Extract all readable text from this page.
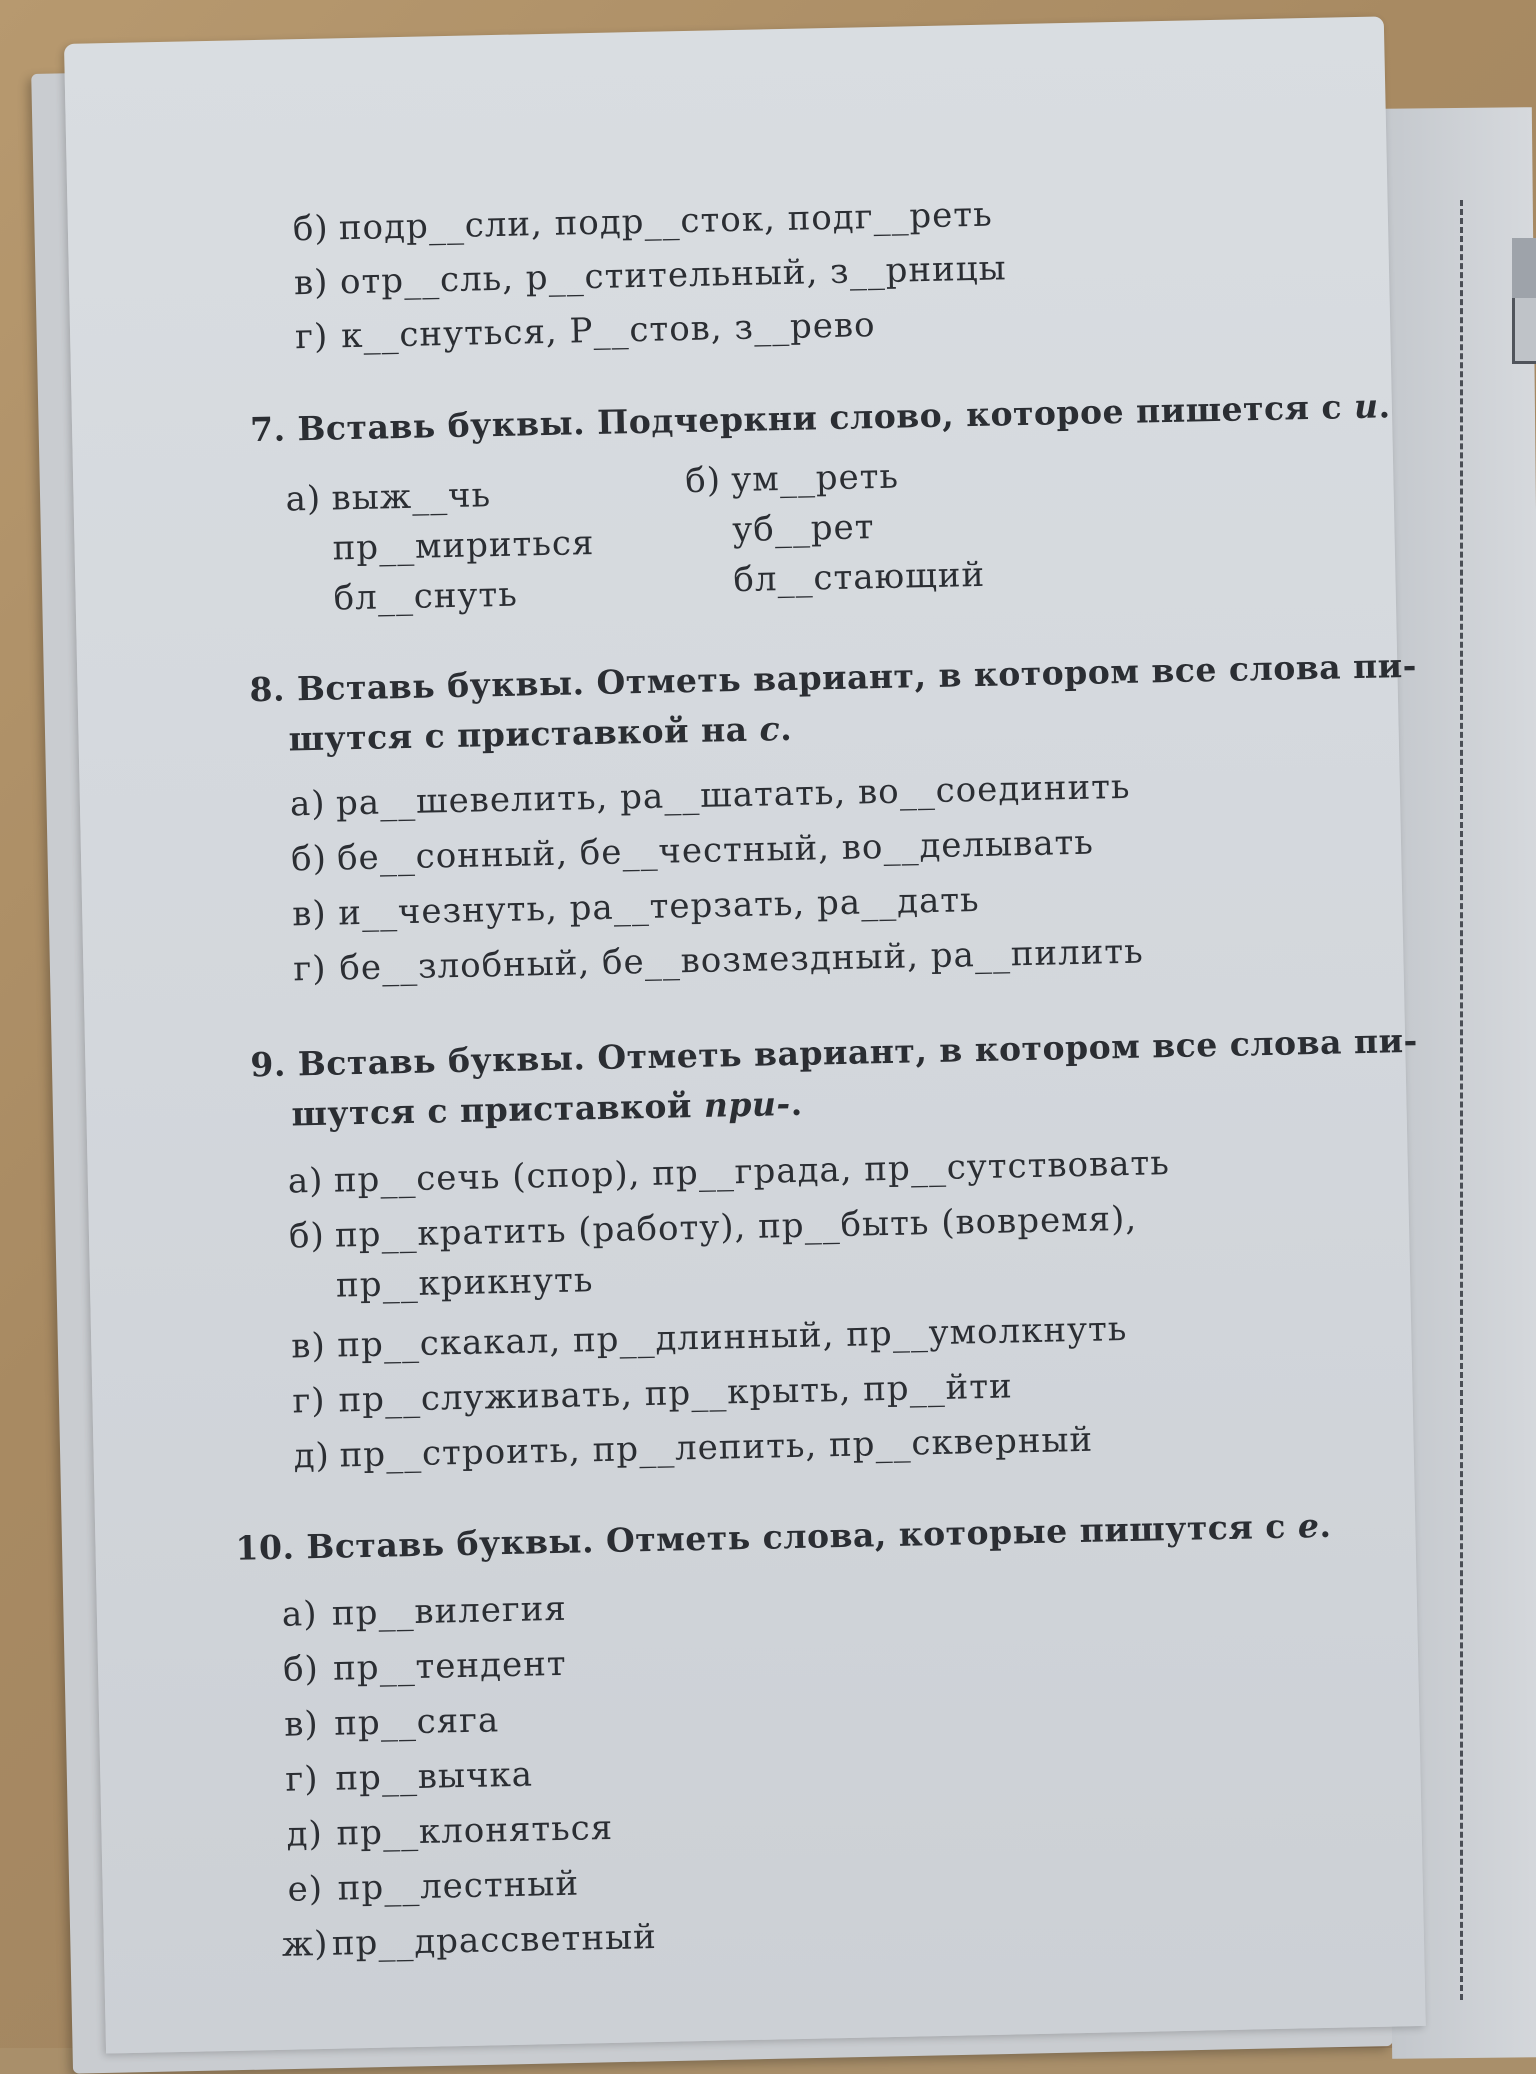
б) подр__сли, подр__сток, подг__реть
в) отр__сль, р__стительный, з__рницы
г) к__снуться, Р__стов, з__рево
7. Вставь буквы. Подчеркни слово, которое пишется с и.
а) выж__чь
пр__мириться
бл__снуть
б) ум__реть
уб__рет
бл__стающий
8. Вставь буквы. Отметь вариант, в котором все слова пи-
шутся с приставкой на с.
а) ра__шевелить, ра__шатать, во__соединить
б) бе__сонный, бе__честный, во__делывать
в) и__чезнуть, ра__терзать, ра__дать
г) бе__злобный, бе__возмездный, ра__пилить
9. Вставь буквы. Отметь вариант, в котором все слова пи-
шутся с приставкой при-.
а) пр__сечь (спор), пр__града, пр__сутствовать
б) пр__кратить (работу), пр__быть (вовремя),
пр__крикнуть
в) пр__скакал, пр__длинный, пр__умолкнуть
г) пр__служивать, пр__крыть, пр__йти
д) пр__строить, пр__лепить, пр__скверный
10. Вставь буквы. Отметь слова, которые пишутся с е.
а) пр__вилегия
б) пр__тендент
в) пр__сяга
г) пр__вычка
д) пр__клоняться
е) пр__лестный
ж)пр__драссветный
